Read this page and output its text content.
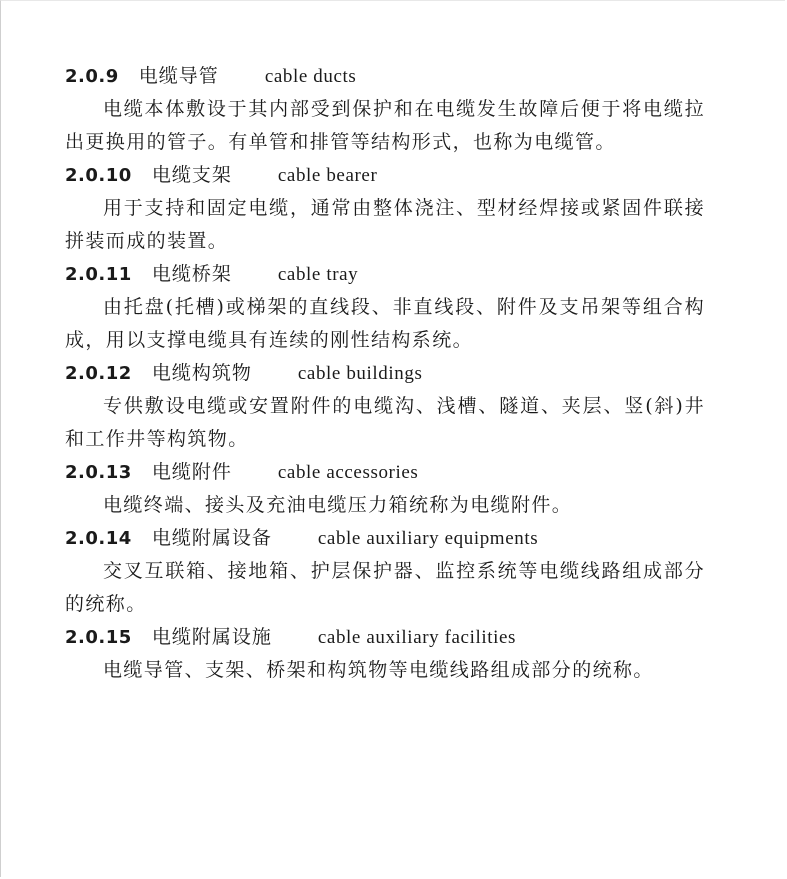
2.0.9 电缆导管 cable ducts
电缆本体敷设于其内部受到保护和在电缆发生故障后便于将电缆拉出更换用的管子。有单管和排管等结构形式，也称为电缆管。
2.0.10 电缆支架 cable bearer
用于支持和固定电缆，通常由整体浇注、型材经焊接或紧固件联接拼装而成的装置。
2.0.11 电缆桥架 cable tray
由托盘(托槽)或梯架的直线段、非直线段、附件及支吊架等组合构成，用以支撑电缆具有连续的刚性结构系统。
2.0.12 电缆构筑物 cable buildings
专供敷设电缆或安置附件的电缆沟、浅槽、隧道、夹层、竖(斜)井和工作井等构筑物。
2.0.13 电缆附件 cable accessories
电缆终端、接头及充油电缆压力箱统称为电缆附件。
2.0.14 电缆附属设备 cable auxiliary equipments
交叉互联箱、接地箱、护层保护器、监控系统等电缆线路组成部分的统称。
2.0.15 电缆附属设施 cable auxiliary facilities
电缆导管、支架、桥架和构筑物等电缆线路组成部分的统称。
